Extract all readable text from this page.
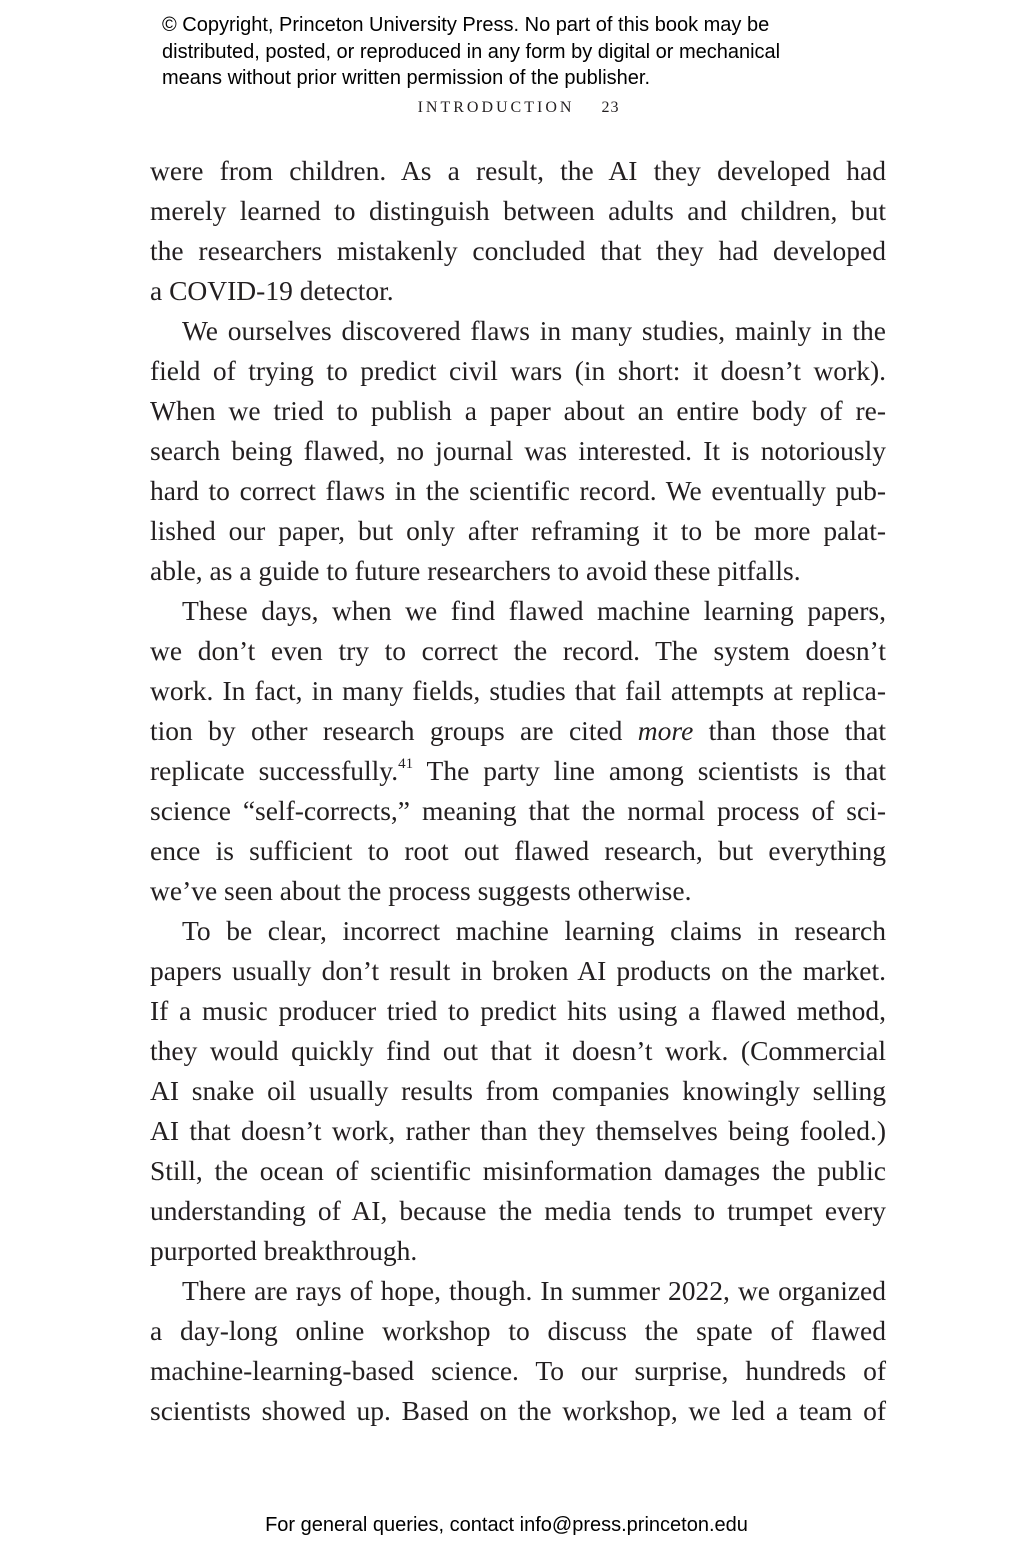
© Copyright, Princeton University Press. No part of this book may be
distributed, posted, or reproduced in any form by digital or mechanical
means without prior written permission of the publisher.
INTRODUCTION 23
were from children. As a result, the AI they developed had
merely learned to distinguish between adults and children, but
the researchers mistakenly concluded that they had developed
a COVID-19 detector.
We ourselves discovered flaws in many studies, mainly in the
field of trying to predict civil wars (in short: it doesn’t work).
When we tried to publish a paper about an entire body of re-
search being flawed, no journal was interested. It is notoriously
hard to correct flaws in the scientific record. We eventually pub-
lished our paper, but only after reframing it to be more palat-
able, as a guide to future researchers to avoid these pitfalls.
These days, when we find flawed machine learning papers,
we don’t even try to correct the record. The system doesn’t
work. In fact, in many fields, studies that fail attempts at replica-
tion by other research groups are cited more than those that
replicate successfully.$^{41}$ The party line among scientists is that
science “self-corrects,” meaning that the normal process of sci-
ence is sufficient to root out flawed research, but everything
we’ve seen about the process suggests otherwise.
To be clear, incorrect machine learning claims in research
papers usually don’t result in broken AI products on the market.
If a music producer tried to predict hits using a flawed method,
they would quickly find out that it doesn’t work. (Commercial
AI snake oil usually results from companies knowingly selling
AI that doesn’t work, rather than they themselves being fooled.)
Still, the ocean of scientific misinformation damages the public
understanding of AI, because the media tends to trumpet every
purported breakthrough.
There are rays of hope, though. In summer 2022, we organized
a day-long online workshop to discuss the spate of flawed
machine-learning-based science. To our surprise, hundreds of
scientists showed up. Based on the workshop, we led a team of
For general queries, contact info@press.princeton.edu
